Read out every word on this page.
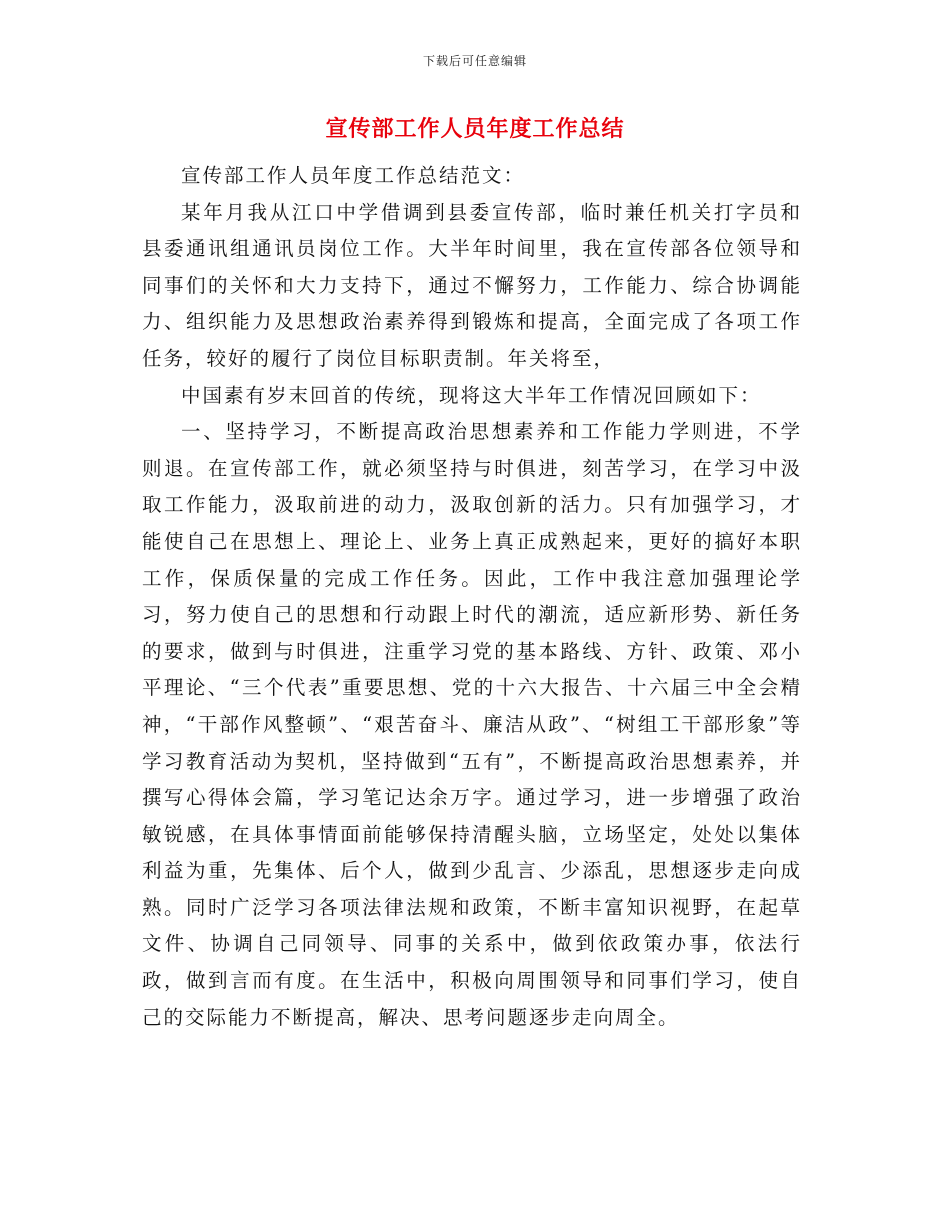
下载后可任意编辑
宣传部工作人员年度工作总结

宣传部工作人员年度工作总结范文：

某年月我从江口中学借调到县委宣传部，临时兼任机关打字员和县委通讯组通讯员岗位工作。大半年时间里，我在宣传部各位领导和同事们的关怀和大力支持下，通过不懈努力，工作能力、综合协调能力、组织能力及思想政治素养得到锻炼和提高，全面完成了各项工作任务，较好的履行了岗位目标职责制。年关将至，

中国素有岁末回首的传统，现将这大半年工作情况回顾如下：

一、坚持学习，不断提高政治思想素养和工作能力学则进，不学则退。在宣传部工作，就必须坚持与时俱进，刻苦学习，在学习中汲取工作能力，汲取前进的动力，汲取创新的活力。只有加强学习，才能使自己在思想上、理论上、业务上真正成熟起来，更好的搞好本职工作，保质保量的完成工作任务。因此，工作中我注意加强理论学习，努力使自己的思想和行动跟上时代的潮流，适应新形势、新任务的要求，做到与时俱进，注重学习党的基本路线、方针、政策、邓小平理论、“三个代表”重要思想、党的十六大报告、十六届三中全会精神，“干部作风整顿”、“艰苦奋斗、廉洁从政”、“树组工干部形象”等学习教育活动为契机，坚持做到“五有”，不断提高政治思想素养，并撰写心得体会篇，学习笔记达余万字。通过学习，进一步增强了政治敏锐感，在具体事情面前能够保持清醒头脑，立场坚定，处处以集体利益为重，先集体、后个人，做到少乱言、少添乱，思想逐步走向成熟。同时广泛学习各项法律法规和政策，不断丰富知识视野，在起草文件、协调自己同领导、同事的关系中，做到依政策办事，依法行政，做到言而有度。在生活中，积极向周围领导和同事们学习，使自己的交际能力不断提高，解决、思考问题逐步走向周全。
